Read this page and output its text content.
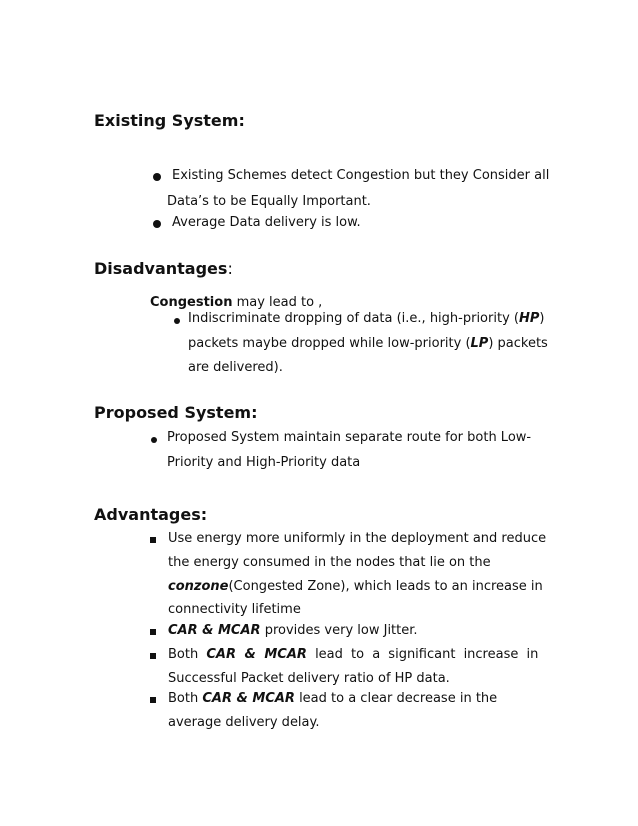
Existing System:
Existing Schemes detect Congestion but they Consider all
Data’s to be Equally Important.
Average Data delivery is low.
Disadvantages:
Congestion may lead to ,
Indiscriminate dropping of data (i.e., high-priority (HP)
packets maybe dropped while low-priority (LP) packets
are delivered).
Proposed System:
Proposed System maintain separate route for both Low-
Priority and High-Priority data
Advantages:
Use energy more uniformly in the deployment and reduce
the energy consumed in the nodes that lie on the
conzone(Congested Zone), which leads to an increase in
connectivity lifetime
CAR & MCAR provides very low Jitter.
Both CAR & MCAR lead to a significant increase in
Successful Packet delivery ratio of HP data.
Both CAR & MCAR lead to a clear decrease in the
average delivery delay.
